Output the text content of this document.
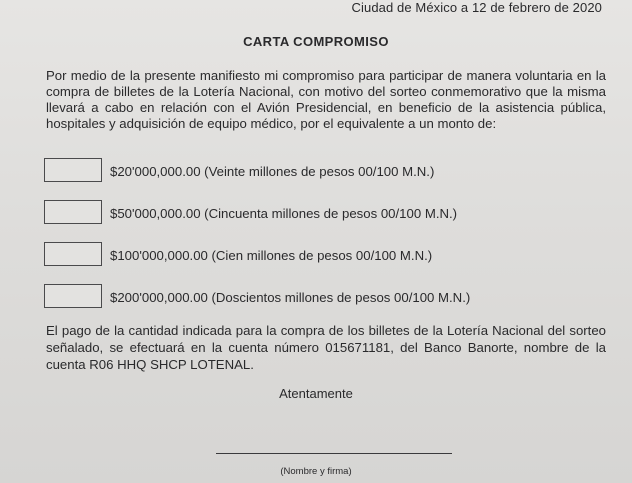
Ciudad de México a 12 de febrero de 2020
CARTA COMPROMISO
Por medio de la presente manifiesto mi compromiso para participar de manera voluntaria en la compra de billetes de la Lotería Nacional, con motivo del sorteo conmemorativo que la misma llevará a cabo en relación con el Avión Presidencial, en beneficio de la asistencia pública, hospitales y adquisición de equipo médico, por el equivalente a un monto de:
$20'000,000.00 (Veinte millones de pesos 00/100 M.N.)
$50'000,000.00 (Cincuenta millones de pesos 00/100 M.N.)
$100'000,000.00 (Cien millones de pesos 00/100 M.N.)
$200'000,000.00 (Doscientos millones de pesos 00/100 M.N.)
El pago de la cantidad indicada para la compra de los billetes de la Lotería Nacional del sorteo señalado, se efectuará en la cuenta número 015671181, del Banco Banorte, nombre de la cuenta R06 HHQ SHCP LOTENAL.
Atentamente
(Nombre y firma)
